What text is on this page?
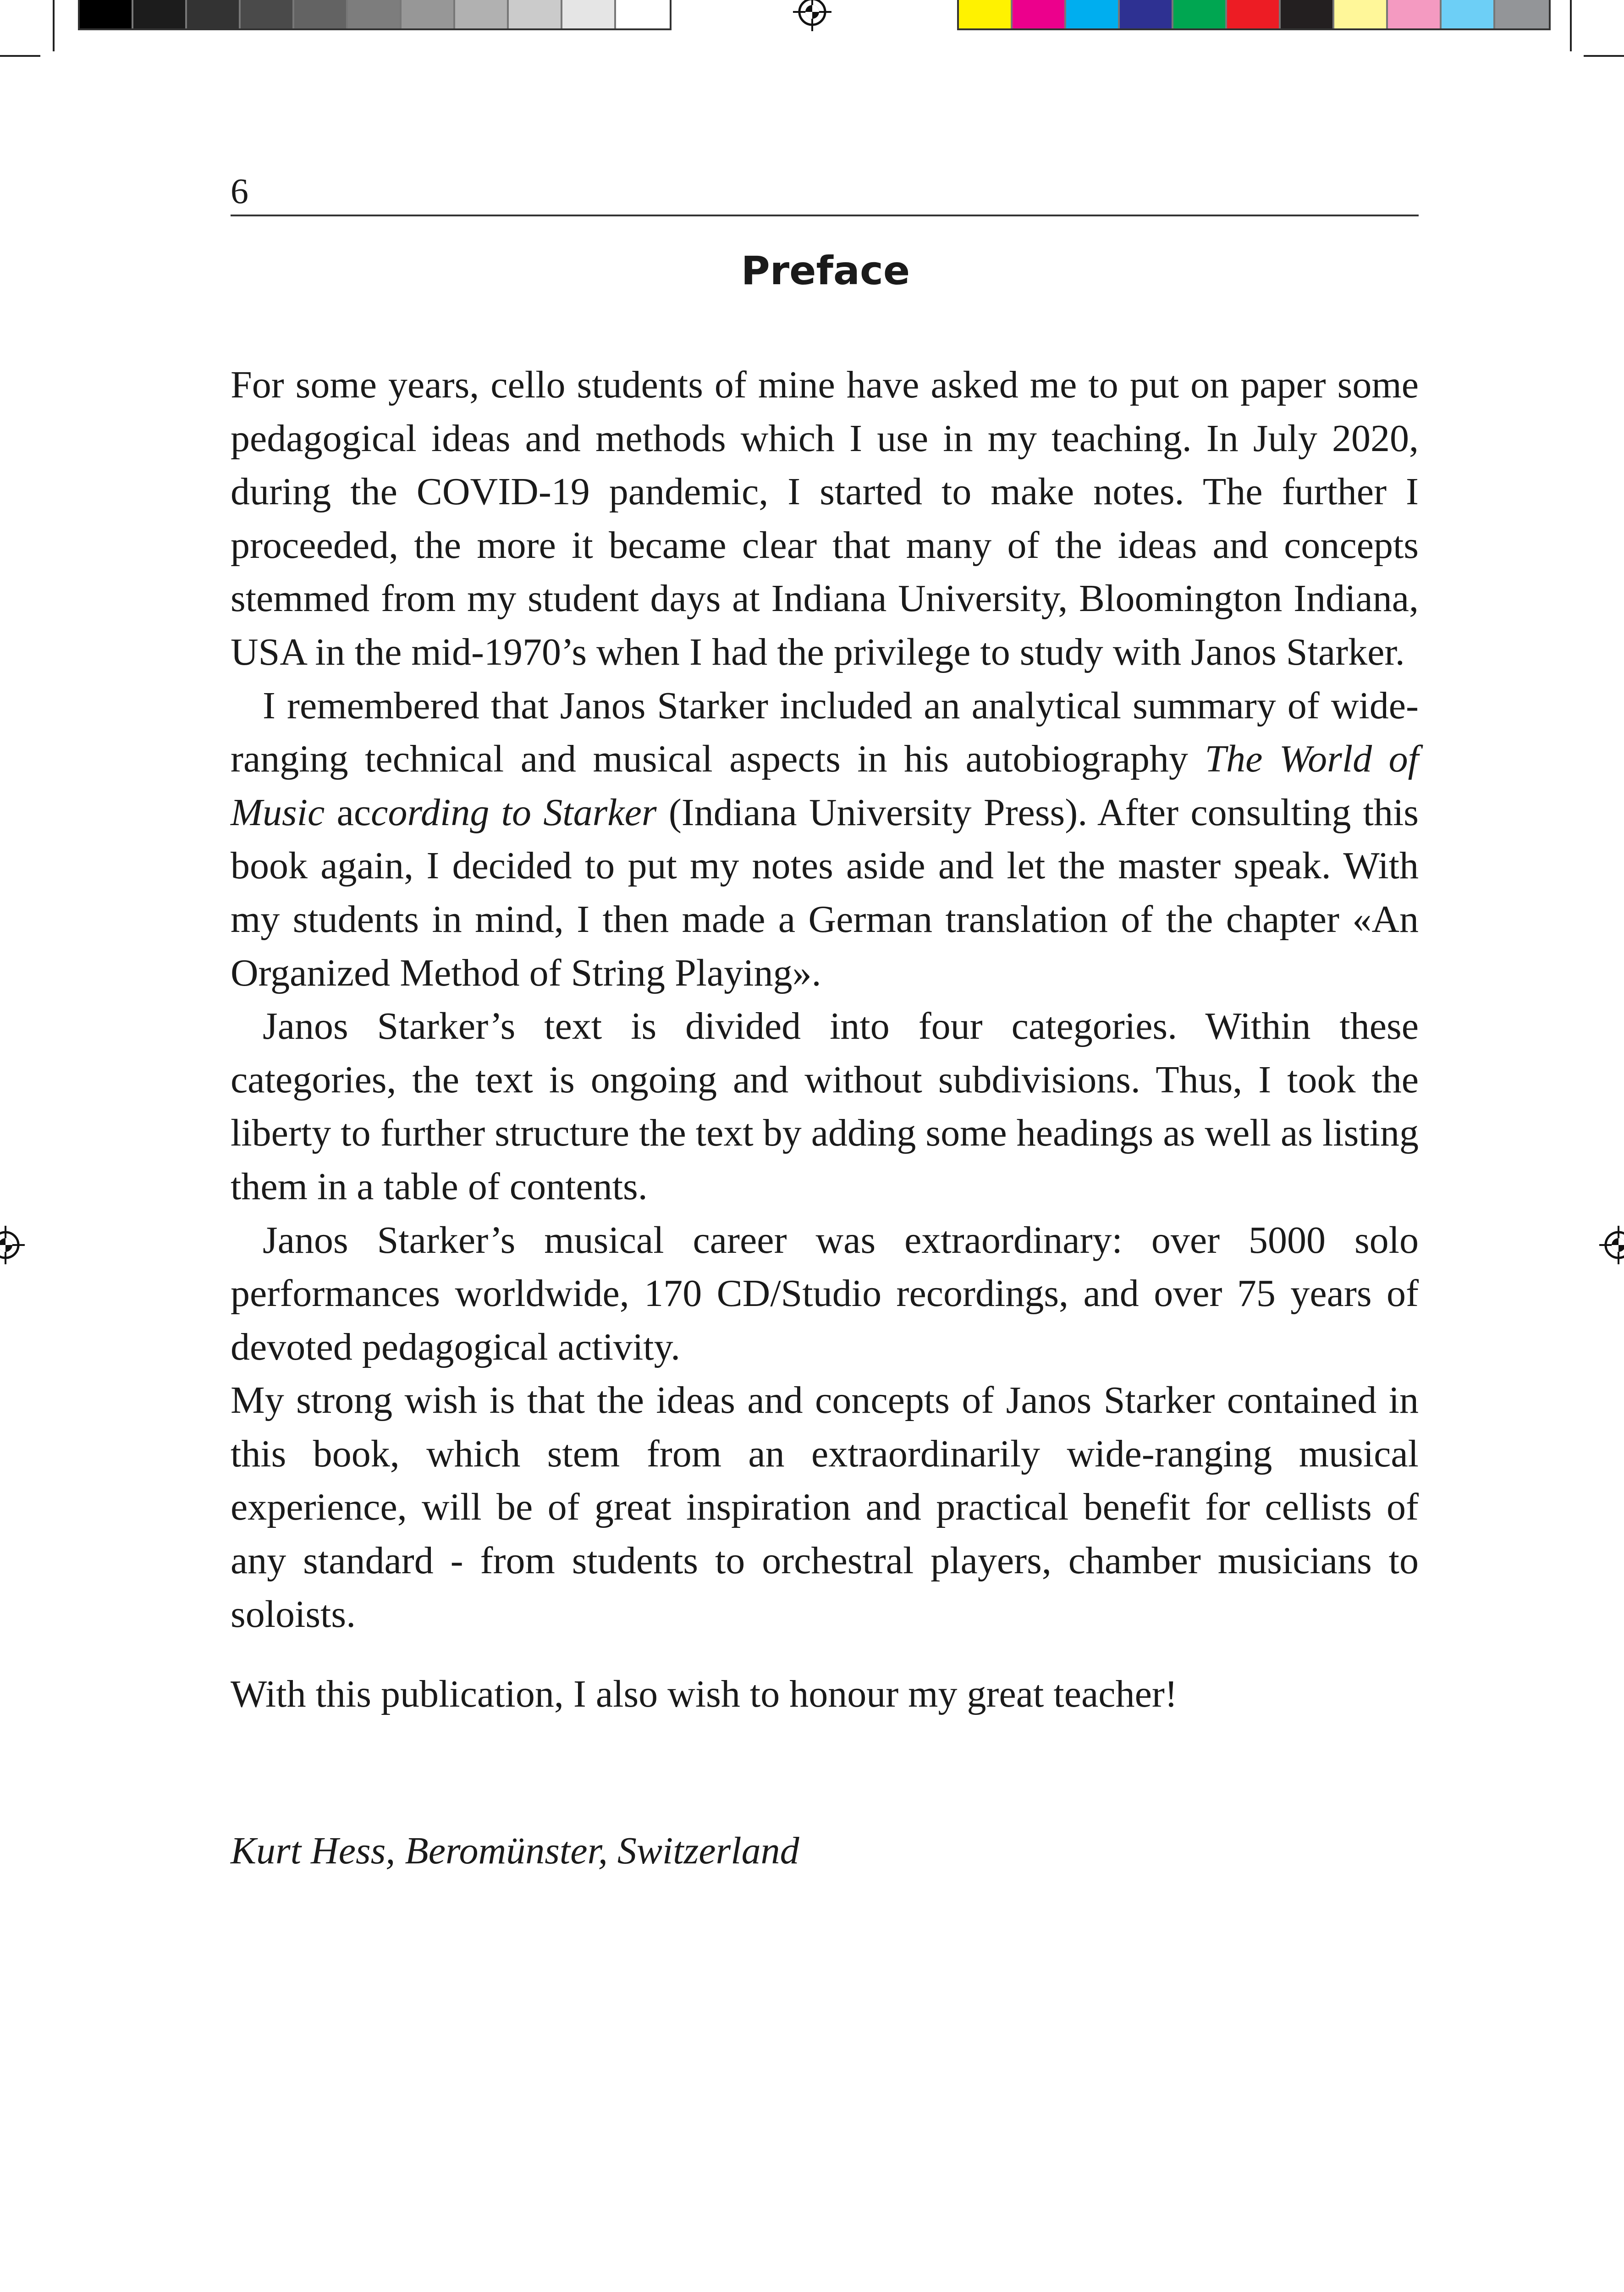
6
Preface

For some years, cello students of mine have asked me to put on paper some pedagogical ideas and methods which I use in my teaching. In July 2020, during the COVID-19 pandemic, I started to make notes. The further I proceeded, the more it became clear that many of the ideas and concepts stemmed from my student days at Indiana University, Bloomington Indiana, USA in the mid-1970’s when I had the privilege to study with Janos Starker.

I remembered that Janos Starker included an analytical summary of wide-ranging technical and musical aspects in his autobiography The World of Music according to Starker (Indiana University Press). After consulting this book again, I decided to put my notes aside and let the master speak. With my students in mind, I then made a German translation of the chapter «An Organized Method of String Playing».

Janos Starker’s text is divided into four categories. Within these categories, the text is ongoing and without subdivisions. Thus, I took the liberty to further structure the text by adding some headings as well as listing them in a table of contents.

Janos Starker’s musical career was extraordinary: over 5000 solo performances worldwide, 170 CD/Studio recordings, and over 75 years of devoted pedagogical activity.

My strong wish is that the ideas and concepts of Janos Starker contained in this book, which stem from an extraordinarily wide-ranging musical experience, will be of great inspiration and practical benefit for cellists of any standard - from students to orchestral players, chamber musicians to soloists.

With this publication, I also wish to honour my great teacher!

Kurt Hess, Beromünster, Switzerland
